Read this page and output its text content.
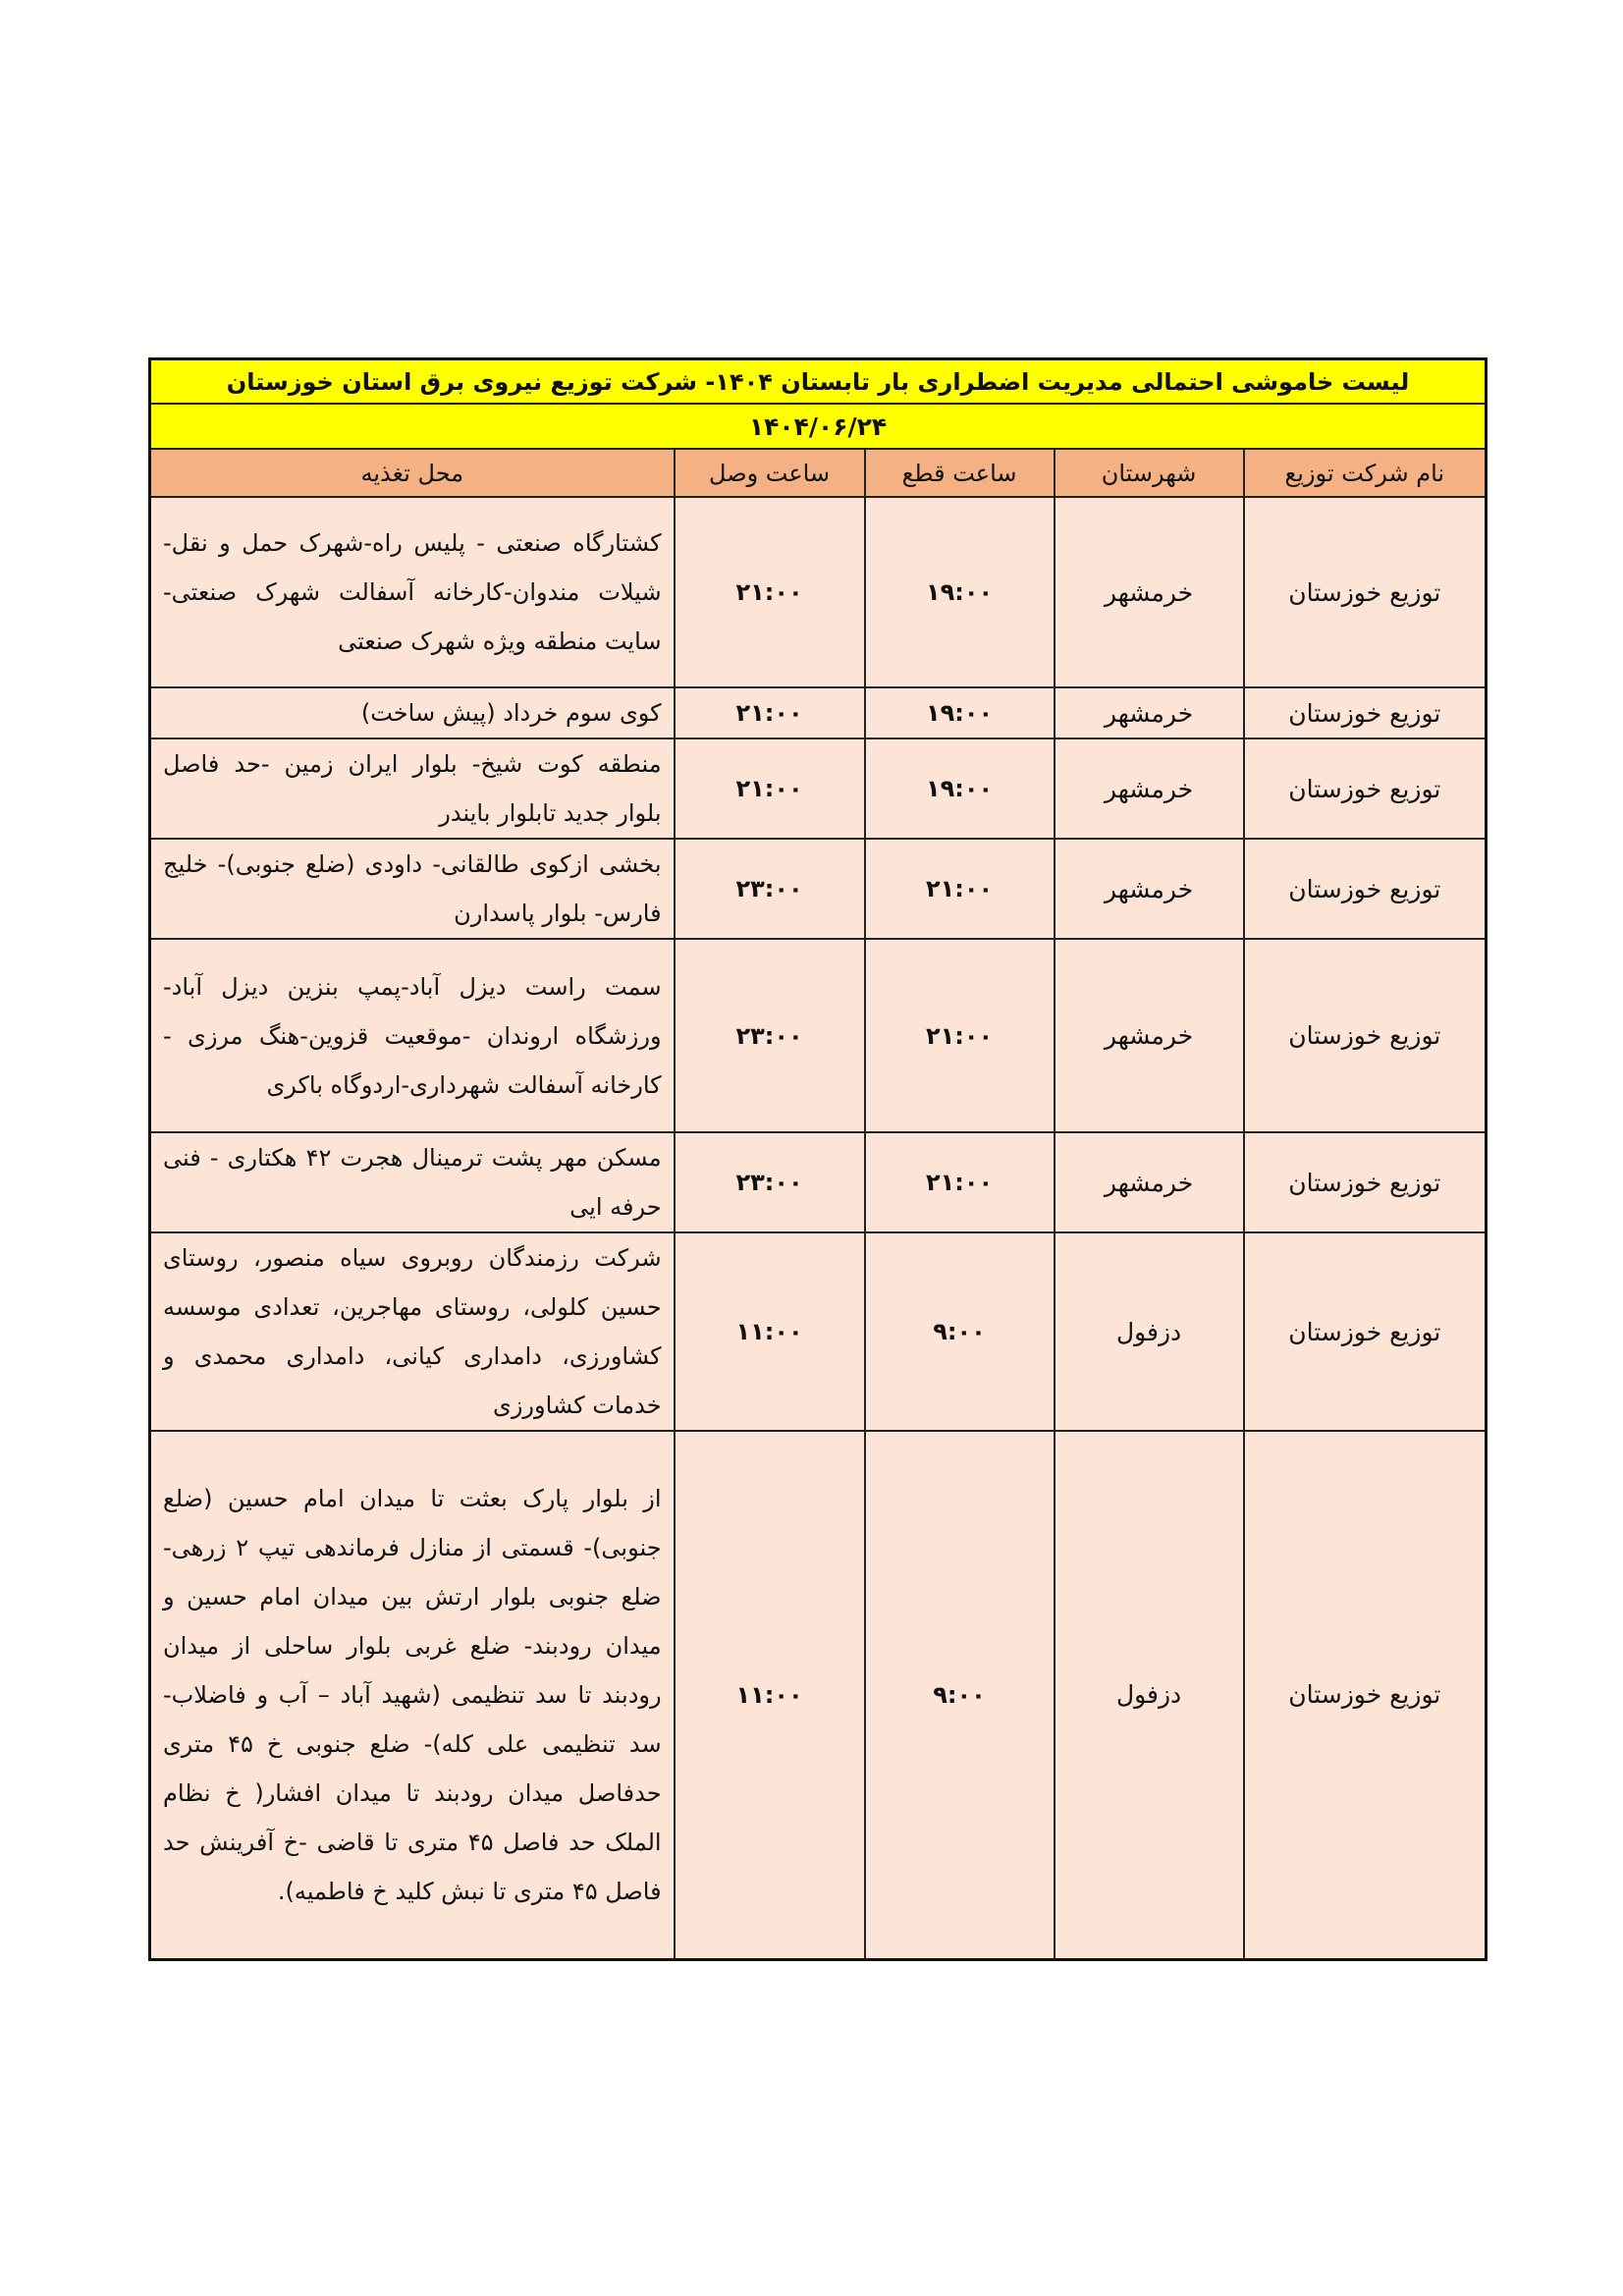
لیست خاموشی احتمالی مدیریت اضطراری بار تابستان ۱۴۰۴- شرکت توزیع نیروی برق استان خوزستان				
۱۴۰۴/۰۶/۲۴				
نام شرکت توزیع	شهرستان	ساعت قطع	ساعت وصل	محل تغذیه
توزیع خوزستان	خرمشهر	۱۹:۰۰	۲۱:۰۰	کشتارگاه صنعتی - پلیس راه-شهرک حمل و نقل-شیلات مندوان-کارخانه آسفالت شهرک صنعتی-سایت منطقه ویژه شهرک صنعتی
توزیع خوزستان	خرمشهر	۱۹:۰۰	۲۱:۰۰	کوی سوم خرداد (پیش ساخت)
توزیع خوزستان	خرمشهر	۱۹:۰۰	۲۱:۰۰	منطقه کوت شیخ- بلوار ایران زمین -حد فاصل بلوار جدید تابلوار بایندر
توزیع خوزستان	خرمشهر	۲۱:۰۰	۲۳:۰۰	بخشی ازکوی طالقانی- داودی (ضلع جنوبی)- خلیج فارس- بلوار پاسدارن
توزیع خوزستان	خرمشهر	۲۱:۰۰	۲۳:۰۰	سمت راست دیزل آباد-پمپ بنزین دیزل آباد- ورزشگاه اروندان -موقعیت قزوین-هنگ مرزی - کارخانه آسفالت شهرداری-اردوگاه باکری
توزیع خوزستان	خرمشهر	۲۱:۰۰	۲۳:۰۰	مسکن مهر پشت ترمینال هجرت ۴۲ هکتاری - فنی حرفه ایی
توزیع خوزستان	دزفول	۹:۰۰	۱۱:۰۰	شرکت رزمندگان روبروی سیاه منصور، روستای حسین کلولی، روستای مهاجرین، تعدادی موسسه کشاورزی، دامداری کیانی، دامداری محمدی و خدمات کشاورزی
توزیع خوزستان	دزفول	۹:۰۰	۱۱:۰۰	از بلوار پارک بعثت تا میدان امام حسین (ضلع جنوبی)- قسمتی از منازل فرماندهی تیپ ۲ زرهی- ضلع جنوبی بلوار ارتش بین میدان امام حسین و میدان رودبند- ضلع غربی بلوار ساحلی از میدان رودبند تا سد تنظیمی (شهید آباد – آب و فاضلاب- سد تنظیمی علی کله)- ضلع جنوبی خ ۴۵ متری حدفاصل میدان رودبند تا میدان افشار( خ نظام الملک حد فاصل ۴۵ متری تا قاضی -خ آفرینش حد فاصل ۴۵ متری تا نبش کلید خ فاطمیه).
